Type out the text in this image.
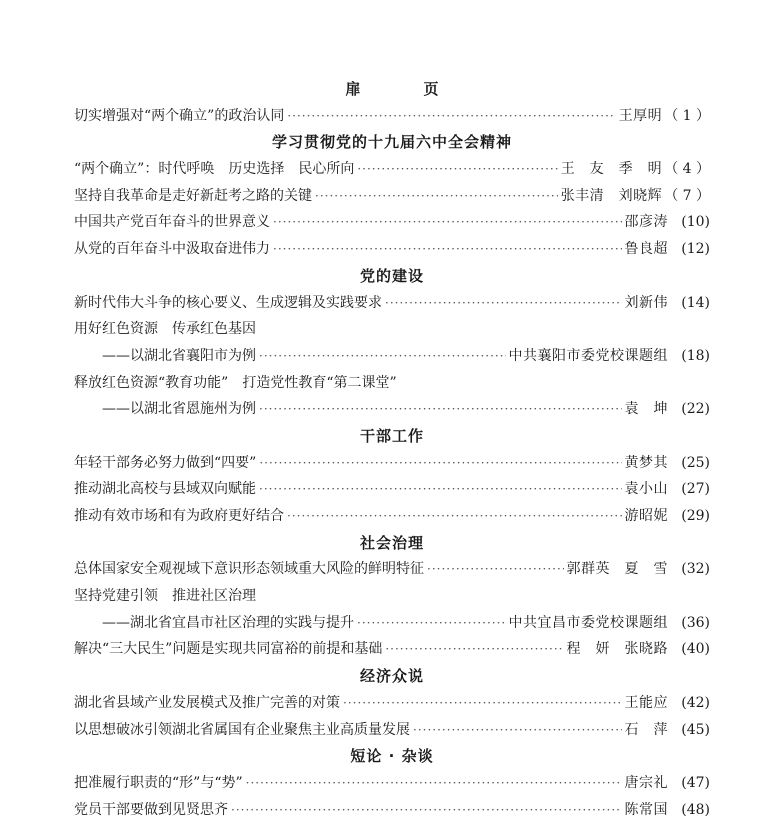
扉　页
切实增强对“两个确立”的政治认同 ·····	王厚明 （ 1 ）
学习贯彻党的十九届六中全会精神
“两个确立”：时代呼唤　历史选择　民心所向 ·····	王　友　季　明 （ 4 ）
坚持自我革命是走好新赶考之路的关键 ·····	张丰清　刘晓辉 （ 7 ）
中国共产党百年奋斗的世界意义 ·····	邵彦涛 (10)
从党的百年奋斗中汲取奋进伟力 ·····	鲁良超 (12)
党的建设
新时代伟大斗争的核心要义、生成逻辑及实践要求 ·····	刘新伟 (14)
用好红色资源　传承红色基因
——以湖北省襄阳市为例 ·····	中共襄阳市委党校课题组 (18)
释放红色资源“教育功能”　打造党性教育“第二课堂”
——以湖北省恩施州为例 ·····	袁　坤 (22)
干部工作
年轻干部务必努力做到“四要” ·····	黄梦其 (25)
推动湖北高校与县域双向赋能 ·····	袁小山 (27)
推动有效市场和有为政府更好结合 ·····	游昭妮 (29)
社会治理
总体国家安全观视域下意识形态领域重大风险的鲜明特征 ·····	郭群英　夏　雪 (32)
坚持党建引领　推进社区治理
——湖北省宜昌市社区治理的实践与提升 ·····	中共宜昌市委党校课题组 (36)
解决“三大民生”问题是实现共同富裕的前提和基础 ·····	程　妍　张晓路 (40)
经济众说
湖北省县域产业发展模式及推广完善的对策 ·····	王能应 (42)
以思想破冰引领湖北省属国有企业聚焦主业高质量发展 ·····	石　萍 (45)
短论 · 杂谈
把准履行职责的“形”与“势” ·····	唐宗礼 (47)
党员干部要做到见贤思齐 ·····	陈常国 (48)
